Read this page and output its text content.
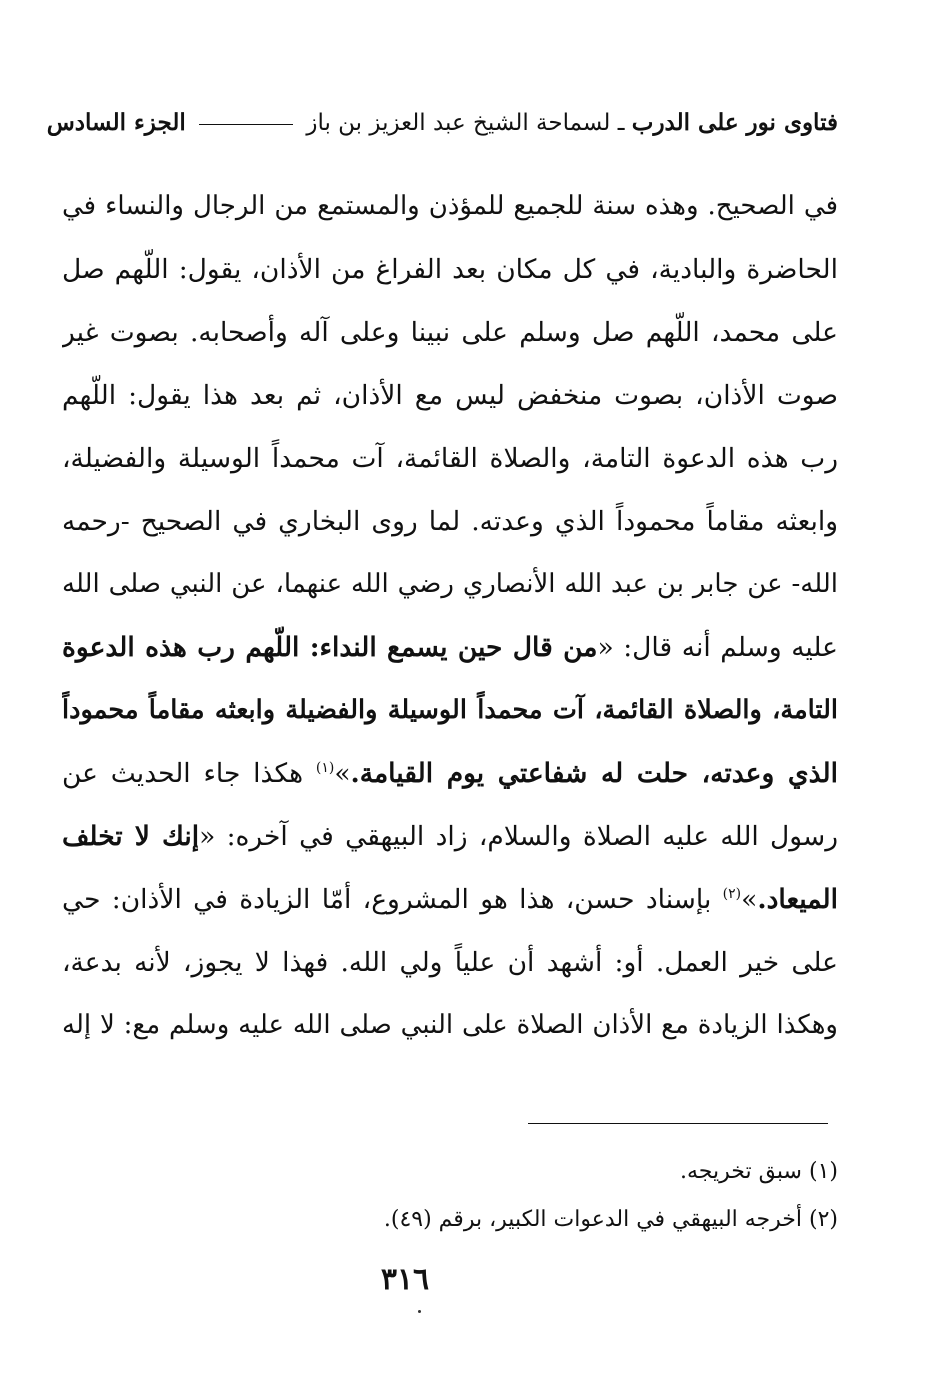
فتاوى نور على الدرب ـ لسماحة الشيخ عبد العزيز بن باز  الجزء السادس
في الصحيح. وهذه سنة للجميع للمؤذن والمستمع من الرجال والنساء في
الحاضرة والبادية، في كل مكان بعد الفراغ من الأذان، يقول: اللّهم صل
على محمد، اللّهم صل وسلم على نبينا وعلى آله وأصحابه. بصوت غير
صوت الأذان، بصوت منخفض ليس مع الأذان، ثم بعد هذا يقول: اللّهم
رب هذه الدعوة التامة، والصلاة القائمة، آت محمداً الوسيلة والفضيلة،
وابعثه مقاماً محموداً الذي وعدته. لما روى البخاري في الصحيح -رحمه
الله- عن جابر بن عبد الله الأنصاري رضي الله عنهما، عن النبي صلى الله
عليه وسلم أنه قال: «من قال حين يسمع النداء: اللّهم رب هذه الدعوة
التامة، والصلاة القائمة، آت محمداً الوسيلة والفضيلة وابعثه مقاماً محموداً
الذي وعدته، حلت له شفاعتي يوم القيامة.»$^{(١)}$ هكذا جاء الحديث عن
رسول الله عليه الصلاة والسلام، زاد البيهقي في آخره: «إنك لا تخلف
الميعاد.»$^{(٢)}$ بإسناد حسن، هذا هو المشروع، أمّا الزيادة في الأذان: حي
على خير العمل. أو: أشهد أن علياً ولي الله. فهذا لا يجوز، لأنه بدعة،
وهكذا الزيادة مع الأذان الصلاة على النبي صلى الله عليه وسلم مع: لا إله
(١) سبق تخريجه.
(٢) أخرجه البيهقي في الدعوات الكبير، برقم (٤٩).
٣١٦
